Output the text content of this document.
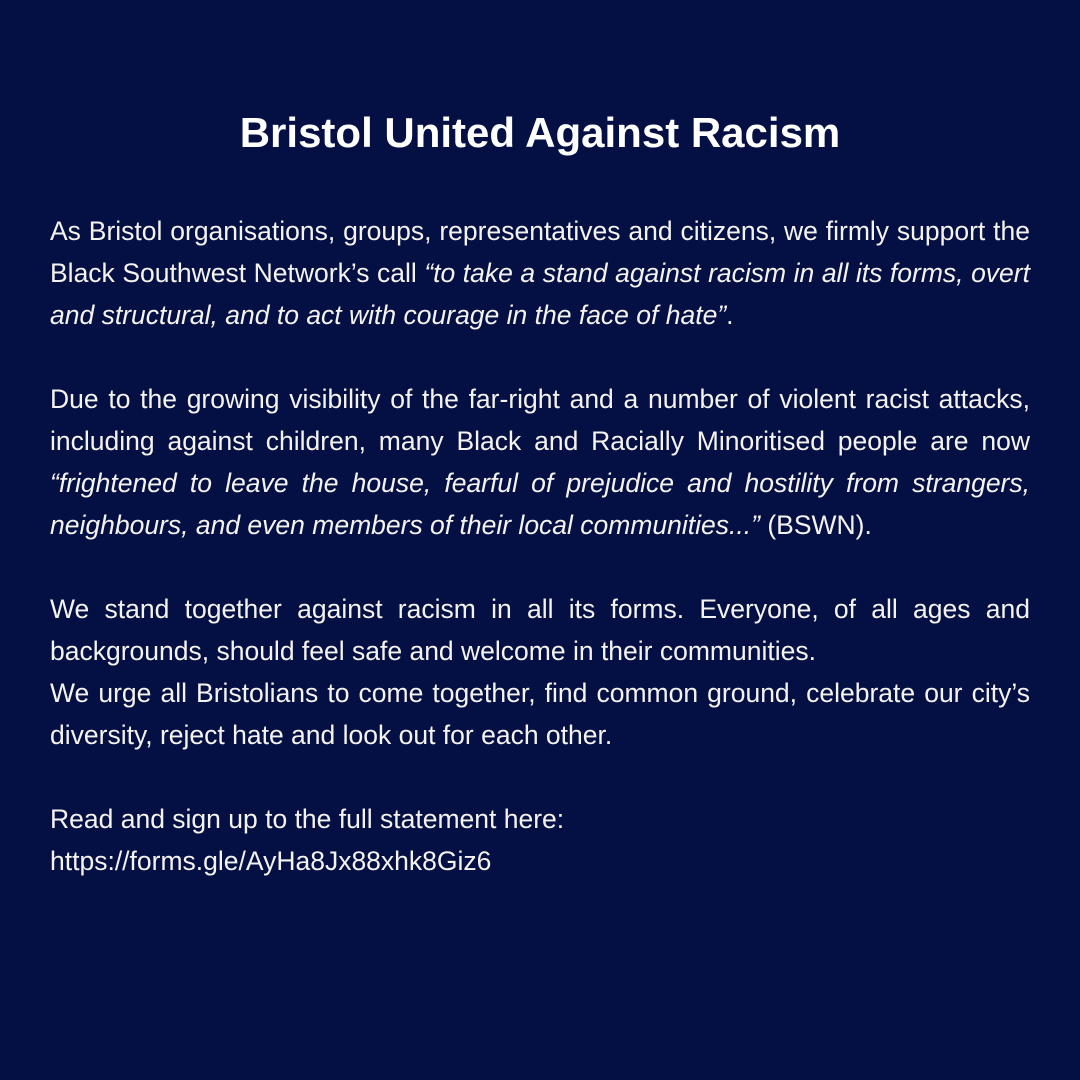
Bristol United Against Racism

As Bristol organisations, groups, representatives and citizens, we firmly support the Black Southwest Network’s call “to take a stand against racism in all its forms, overt and structural, and to act with courage in the face of hate”.

Due to the growing visibility of the far-right and a number of violent racist attacks, including against children, many Black and Racially Minoritised people are now “frightened to leave the house, fearful of prejudice and hostility from strangers, neighbours, and even members of their local communities...” (BSWN).

We stand together against racism in all its forms. Everyone, of all ages and backgrounds, should feel safe and welcome in their communities.

We urge all Bristolians to come together, find common ground, celebrate our city’s diversity, reject hate and look out for each other.

Read and sign up to the full statement here:

https://forms.gle/AyHa8Jx88xhk8Giz6
